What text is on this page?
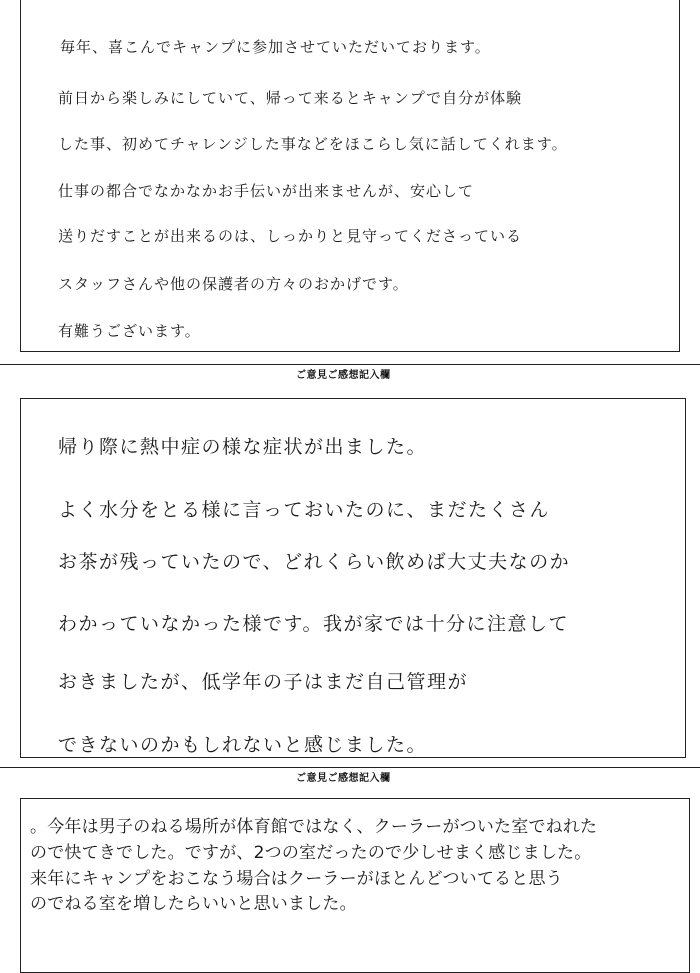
ご意見ご感想記入欄

毎年、喜こんでキャンプに参加させていただいております。

前日から楽しみにしていて、帰って来るとキャンプで自分が体験

した事、初めてチャレンジした事などをほこらし気に話してくれます。

仕事の都合でなかなかお手伝いが出来ませんが、安心して

送りだすことが出来るのは、しっかりと見守ってくださっている

スタッフさんや他の保護者の方々のおかげです。

有難うございます。

ご意見ご感想記入欄

帰り際に熱中症の様な症状が出ました。

よく水分をとる様に言っておいたのに、まだたくさん

お茶が残っていたので、どれくらい飲めば大丈夫なのか

わかっていなかった様です。我が家では十分に注意して

おきましたが、低学年の子はまだ自己管理が

できないのかもしれないと感じました。

。今年は男子のねる場所が体育館ではなく、クーラーがついた室でねれた

ので快てきでした。ですが、2つの室だったので少しせまく感じました。

来年にキャンプをおこなう場合はクーラーがほとんどついてると思う

のでねる室を増したらいいと思いました。
